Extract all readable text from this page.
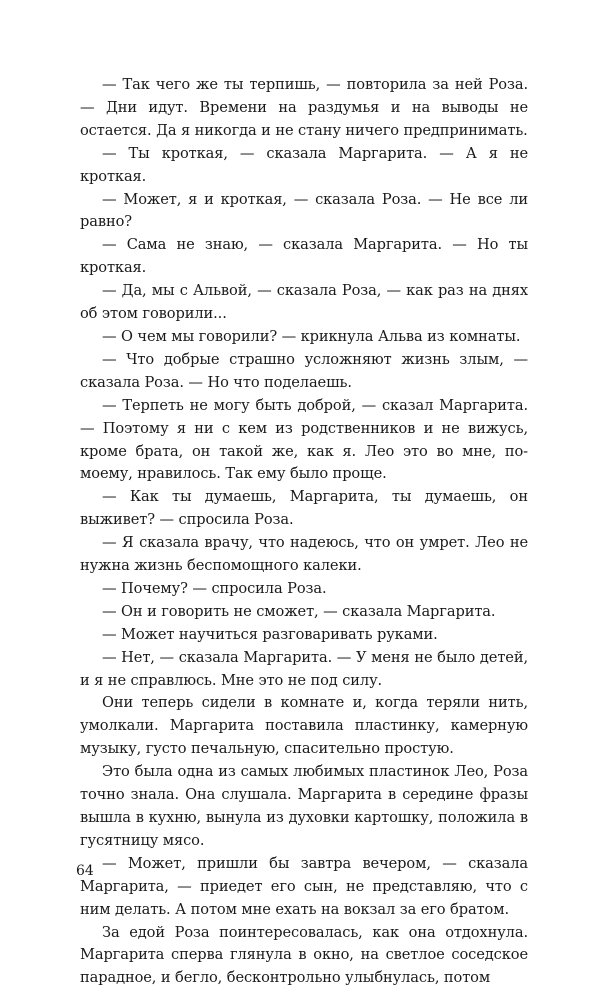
— Так чего же ты терпишь, — повторила за ней Роза. — Дни идут. Времени на раздумья и на выводы не остается. Да я никогда и не стану ничего предпринимать.

— Ты кроткая, — сказала Маргарита. — А я не кроткая.

— Может, я и кроткая, — сказала Роза. — Не все ли равно?

— Сама не знаю, — сказала Маргарита. — Но ты кроткая.

— Да, мы с Альвой, — сказала Роза, — как раз на днях об этом говорили...

— О чем мы говорили? — крикнула Альва из комнаты.

— Что добрые страшно усложняют жизнь злым, — сказала Роза. — Но что поделаешь.

— Терпеть не могу быть доброй, — сказал Маргарита. — Поэтому я ни с кем из родственников и не вижусь, кроме брата, он такой же, как я. Лео это во мне, по-моему, нравилось. Так ему было проще.

— Как ты думаешь, Маргарита, ты думаешь, он выживет? — спросила Роза.

— Я сказала врачу, что надеюсь, что он умрет. Лео не нужна жизнь беспомощного калеки.

— Почему? — спросила Роза.

— Он и говорить не сможет, — сказала Маргарита.

— Может научиться разговаривать руками.

— Нет, — сказала Маргарита. — У меня не было детей, и я не справлюсь. Мне это не под силу.

Они теперь сидели в комнате и, когда теряли нить, умолкали. Маргарита поставила пластинку, камерную музыку, густо печальную, спасительно простую.

Это была одна из самых любимых пластинок Лео, Роза точно знала. Она слушала. Маргарита в середине фразы вышла в кухню, вынула из духовки картошку, положила в гусятницу мясо.

— Может, пришли бы завтра вечером, — сказала Маргарита, — приедет его сын, не представляю, что с ним делать. А потом мне ехать на вокзал за его братом.

За едой Роза поинтересовалась, как она отдохнула. Маргарита сперва глянула в окно, на светлое соседское парадное, и бегло, бесконтрольно улыбнулась, потом

64
